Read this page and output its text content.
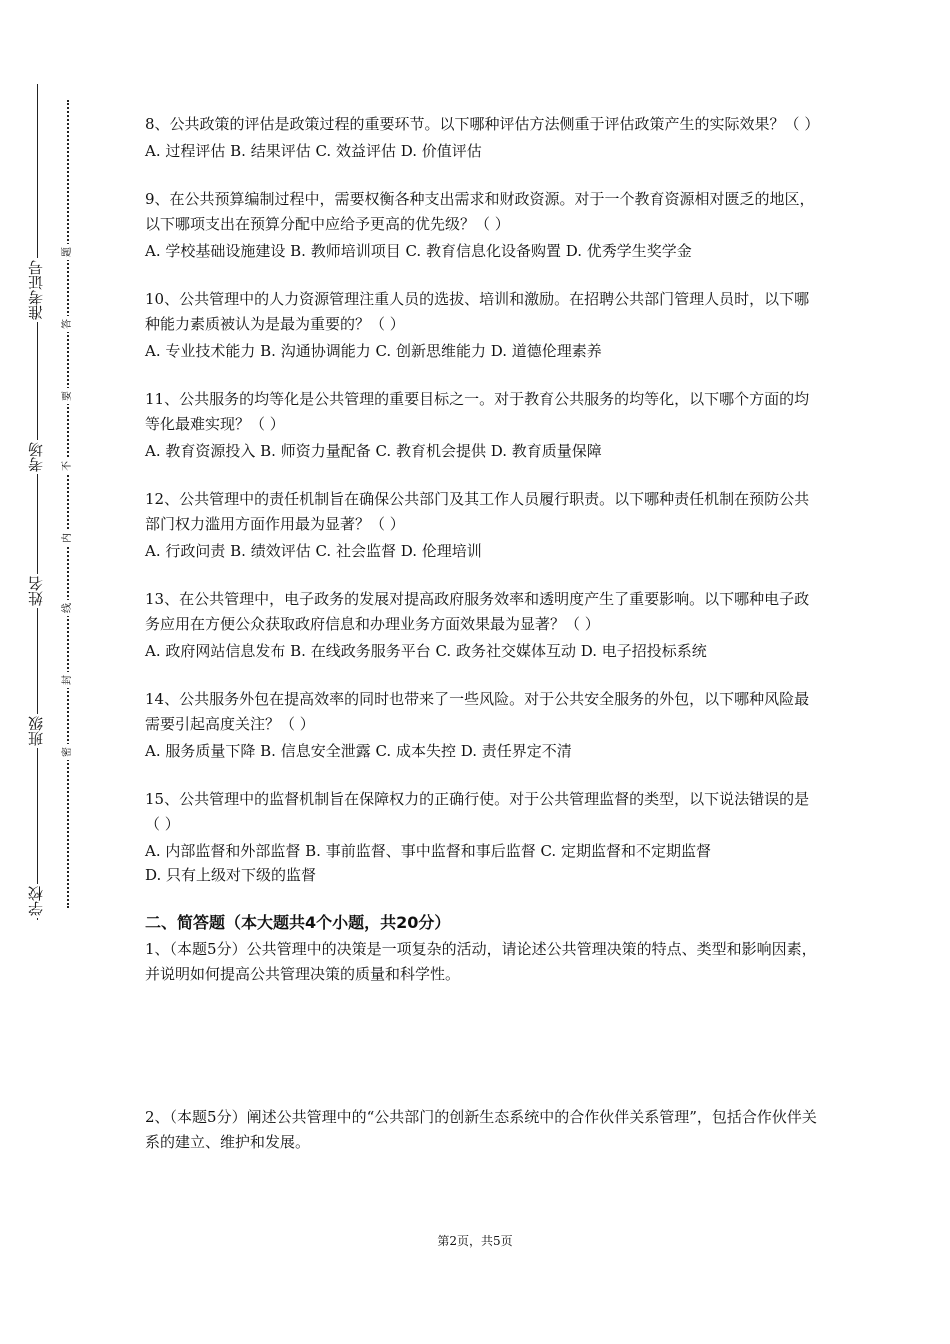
准考证号
考场
姓名
班级
学校
题
答
要
不
内
线
封
密
8、公共政策的评估是政策过程的重要环节。以下哪种评估方法侧重于评估政策产生的实际效果？（ ）
A. 过程评估 B. 结果评估 C. 效益评估 D. 价值评估
9、在公共预算编制过程中，需要权衡各种支出需求和财政资源。对于一个教育资源相对匮乏的地区，以下哪项支出在预算分配中应给予更高的优先级？（ ）
A. 学校基础设施建设 B. 教师培训项目 C. 教育信息化设备购置 D. 优秀学生奖学金
10、公共管理中的人力资源管理注重人员的选拔、培训和激励。在招聘公共部门管理人员时，以下哪种能力素质被认为是最为重要的？（ ）
A. 专业技术能力 B. 沟通协调能力 C. 创新思维能力 D. 道德伦理素养
11、公共服务的均等化是公共管理的重要目标之一。对于教育公共服务的均等化，以下哪个方面的均等化最难实现？（ ）
A. 教育资源投入 B. 师资力量配备 C. 教育机会提供 D. 教育质量保障
12、公共管理中的责任机制旨在确保公共部门及其工作人员履行职责。以下哪种责任机制在预防公共部门权力滥用方面作用最为显著？（ ）
A. 行政问责 B. 绩效评估 C. 社会监督 D. 伦理培训
13、在公共管理中，电子政务的发展对提高政府服务效率和透明度产生了重要影响。以下哪种电子政务应用在方便公众获取政府信息和办理业务方面效果最为显著？（ ）
A. 政府网站信息发布 B. 在线政务服务平台 C. 政务社交媒体互动 D. 电子招投标系统
14、公共服务外包在提高效率的同时也带来了一些风险。对于公共安全服务的外包，以下哪种风险最需要引起高度关注？（ ）
A. 服务质量下降 B. 信息安全泄露 C. 成本失控 D. 责任界定不清
15、公共管理中的监督机制旨在保障权力的正确行使。对于公共管理监督的类型，以下说法错误的是（ ）
A. 内部监督和外部监督 B. 事前监督、事中监督和事后监督 C. 定期监督和不定期监督
D. 只有上级对下级的监督
二、简答题（本大题共4个小题，共20分）
1、（本题5分）公共管理中的决策是一项复杂的活动，请论述公共管理决策的特点、类型和影响因素，并说明如何提高公共管理决策的质量和科学性。
2、（本题5分）阐述公共管理中的“公共部门的创新生态系统中的合作伙伴关系管理”，包括合作伙伴关系的建立、维护和发展。
第2页，共5页
